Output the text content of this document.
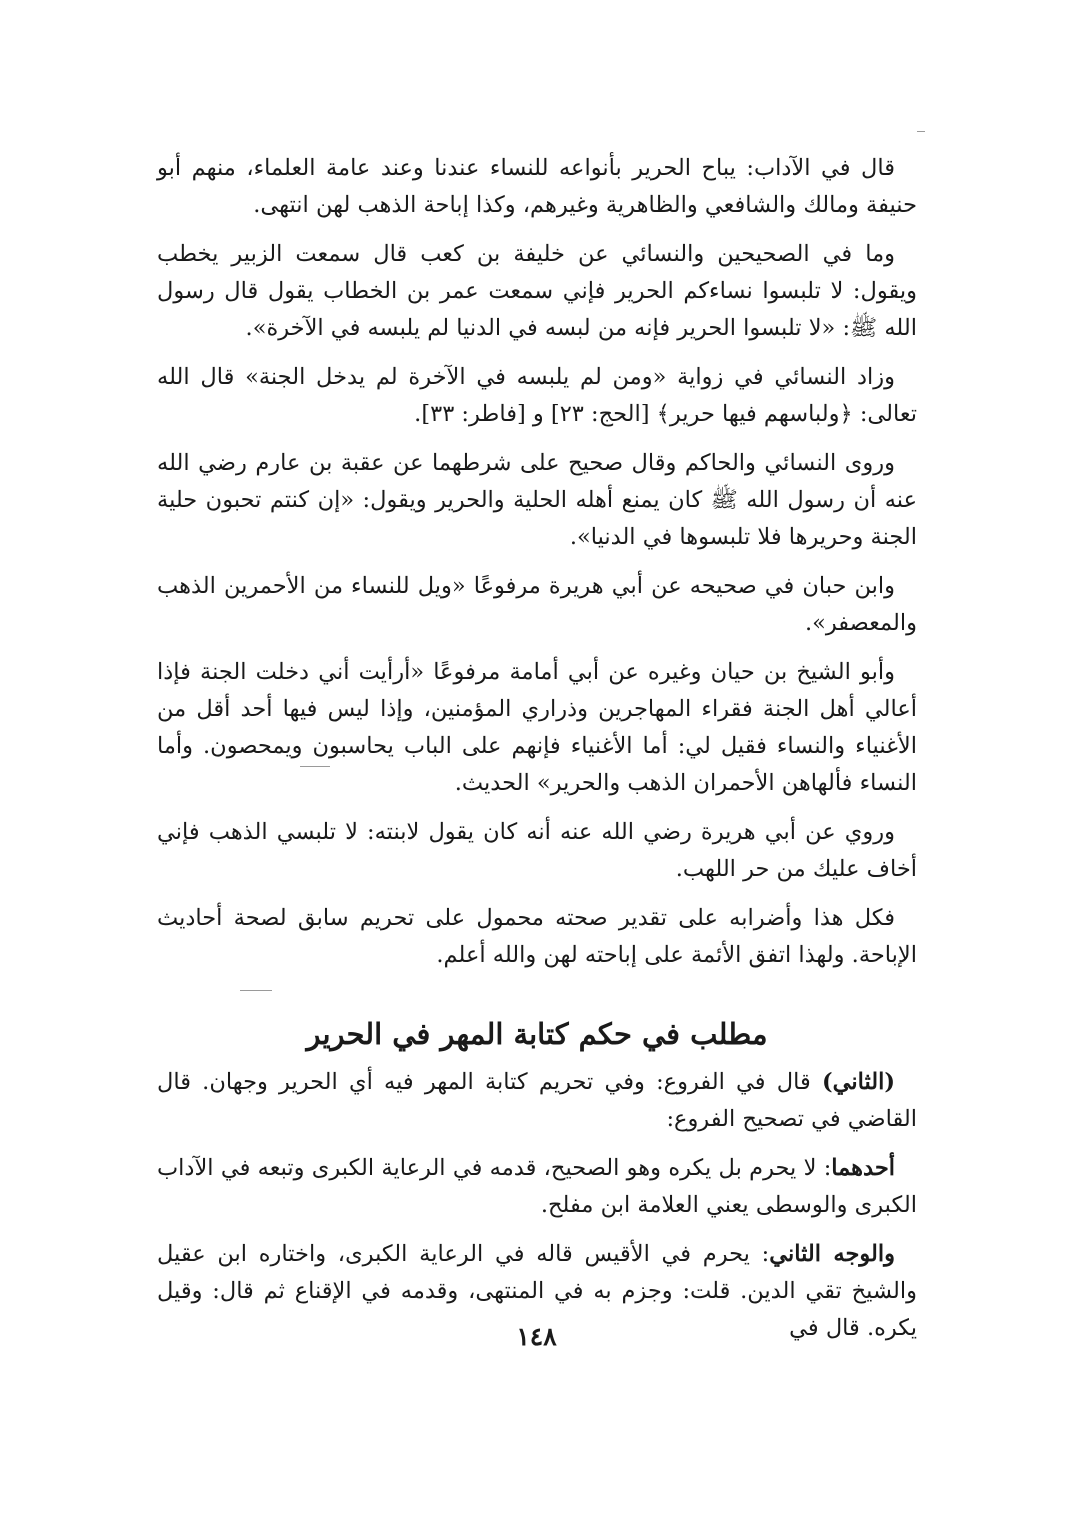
قال في الآداب: يباح الحرير بأنواعه للنساء عندنا وعند عامة العلماء، منهم أبو حنيفة ومالك والشافعي والظاهرية وغيرهم، وكذا إباحة الذهب لهن انتهى.

وما في الصحيحين والنسائي عن خليفة بن كعب قال سمعت الزبير يخطب ويقول: لا تلبسوا نساءكم الحرير فإني سمعت عمر بن الخطاب يقول قال رسول الله ﷺ: «لا تلبسوا الحرير فإنه من لبسه في الدنيا لم يلبسه في الآخرة».

وزاد النسائي في زواية «ومن لم يلبسه في الآخرة لم يدخل الجنة» قال الله تعالى: ﴿ولباسهم فيها حرير﴾ [الحج: ٢٣] و [فاطر: ٣٣].

وروى النسائي والحاكم وقال صحيح على شرطهما عن عقبة بن عارم رضي الله عنه أن رسول الله ﷺ كان يمنع أهله الحلية والحرير ويقول: «إن كنتم تحبون حلية الجنة وحريرها فلا تلبسوها في الدنيا».

وابن حبان في صحيحه عن أبي هريرة مرفوعًا «ويل للنساء من الأحمرين الذهب والمعصفر».

وأبو الشيخ بن حيان وغيره عن أبي أمامة مرفوعًا «أرأيت أني دخلت الجنة فإذا أعالي أهل الجنة فقراء المهاجرين وذراري المؤمنين، وإذا ليس فيها أحد أقل من الأغنياء والنساء فقيل لي: أما الأغنياء فإنهم على الباب يحاسبون ويمحصون. وأما النساء فألهاهن الأحمران الذهب والحرير» الحديث.

وروي عن أبي هريرة رضي الله عنه أنه كان يقول لابنته: لا تلبسي الذهب فإني أخاف عليك من حر اللهب.

فكل هذا وأضرابه على تقدير صحته محمول على تحريم سابق لصحة أحاديث الإباحة. ولهذا اتفق الأئمة على إباحته لهن والله أعلم.

مطلب في حكم كتابة المهر في الحرير

(الثاني) قال في الفروع: وفي تحريم كتابة المهر فيه أي الحرير وجهان. قال القاضي في تصحيح الفروع:

أحدهما: لا يحرم بل يكره وهو الصحيح، قدمه في الرعاية الكبرى وتبعه في الآداب الكبرى والوسطى يعني العلامة ابن مفلح.

والوجه الثاني: يحرم في الأقيس قاله في الرعاية الكبرى، واختاره ابن عقيل والشيخ تقي الدين. قلت: وجزم به في المنتهى، وقدمه في الإقناع ثم قال: وقيل يكره. قال في

١٤٨
